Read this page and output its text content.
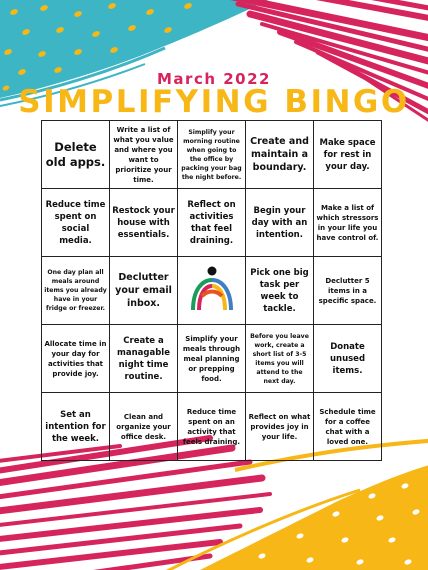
March 2022
SIMPLIFYING BINGO
Delete old apps.	Write a list of what you value and where you want to prioritize your time.	Simplify your morning routine when going to the office by packing your bag the night before.	Create and maintain a boundary.	Make space for rest in your day.
Reduce time spent on social media.	Restock your house with essentials.	Reflect on activities that feel draining.	Begin your day with an intention.	Make a list of which stressors in your life you have control of.
One day plan all meals around items you already have in your fridge or freezer.	Declutter your email inbox.		Pick one big task per week to tackle.	Declutter 5 items in a specific space.
Allocate time in your day for activities that provide joy.	Create a managable night time routine.	Simplify your meals through meal planning or prepping food.	Before you leave work, create a short list of 3-5 items you will attend to the next day.	Donate unused items.
Set an intention for the week.	Clean and organize your office desk.	Reduce time spent on an activity that feels draining.	Reflect on what provides joy in your life.	Schedule time for a coffee chat with a loved one.
